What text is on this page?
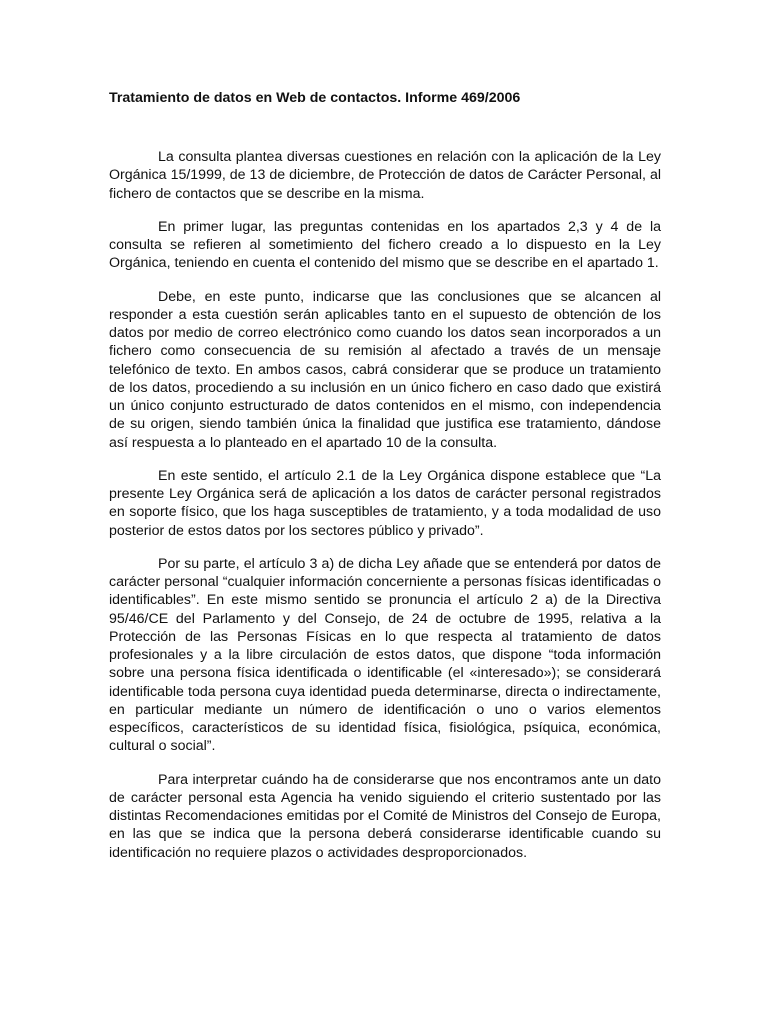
Tratamiento de datos en Web de contactos. Informe 469/2006

La consulta plantea diversas cuestiones en relación con la aplicación de la Ley Orgánica 15/1999, de 13 de diciembre, de Protección de datos de Carácter Personal, al fichero de contactos que se describe en la misma.

En primer lugar, las preguntas contenidas en los apartados 2,3 y 4 de la consulta se refieren al sometimiento del fichero creado a lo dispuesto en la Ley Orgánica, teniendo en cuenta el contenido del mismo que se describe en el apartado 1.

Debe, en este punto, indicarse que las conclusiones que se alcancen al responder a esta cuestión serán aplicables tanto en el supuesto de obtención de los datos por medio de correo electrónico como cuando los datos sean incorporados a un fichero como consecuencia de su remisión al afectado a través de un mensaje telefónico de texto. En ambos casos, cabrá considerar que se produce un tratamiento de los datos, procediendo a su inclusión en un único fichero en caso dado que existirá un único conjunto estructurado de datos contenidos en el mismo, con independencia de su origen, siendo también única la finalidad que justifica ese tratamiento, dándose así respuesta a lo planteado en el apartado 10 de la consulta.

En este sentido, el artículo 2.1 de la Ley Orgánica dispone establece que “La presente Ley Orgánica será de aplicación a los datos de carácter personal registrados en soporte físico, que los haga susceptibles de tratamiento, y a toda modalidad de uso posterior de estos datos por los sectores público y privado”.

Por su parte, el artículo 3 a) de dicha Ley añade que se entenderá por datos de carácter personal “cualquier información concerniente a personas físicas identificadas o identificables”. En este mismo sentido se pronuncia el artículo 2 a) de la Directiva 95/46/CE del Parlamento y del Consejo, de 24 de octubre de 1995, relativa a la Protección de las Personas Físicas en lo que respecta al tratamiento de datos profesionales y a la libre circulación de estos datos, que dispone “toda información sobre una persona física identificada o identificable (el «interesado»); se considerará identificable toda persona cuya identidad pueda determinarse, directa o indirectamente, en particular mediante un número de identificación o uno o varios elementos específicos, característicos de su identidad física, fisiológica, psíquica, económica, cultural o social”.

Para interpretar cuándo ha de considerarse que nos encontramos ante un dato de carácter personal esta Agencia ha venido siguiendo el criterio sustentado por las distintas Recomendaciones emitidas por el Comité de Ministros del Consejo de Europa, en las que se indica que la persona deberá considerarse identificable cuando su identificación no requiere plazos o actividades desproporcionados.
